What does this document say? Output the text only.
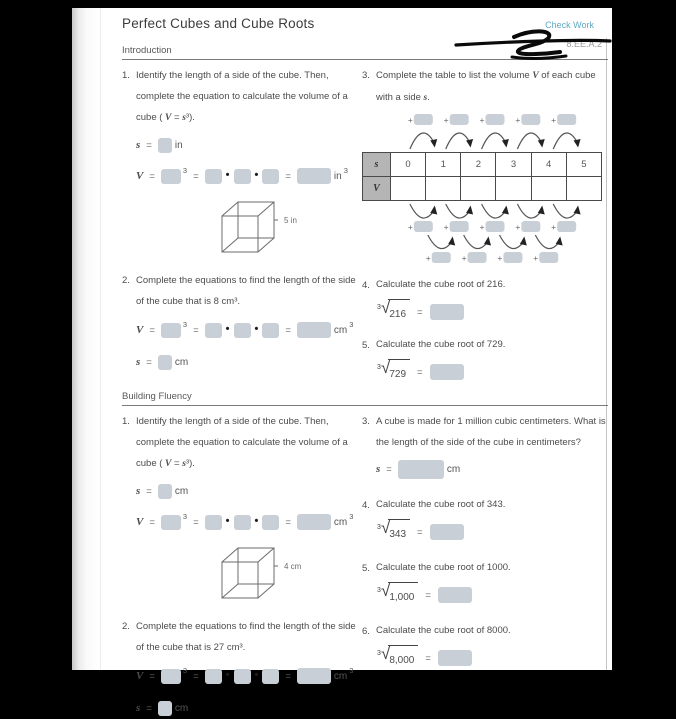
8.EE.A.2
Perfect Cubes and Cube Roots	Check Work
Introduction
1. Identify the length of a side of the cube. Then, complete the equation to calculate the volume of a cube ( V = s³).

s = in
V =
$^3$
= • •	=	in
$^3$
5 in
2. Complete the equations to find the length of the side of the cube that is 8 cm³.

V =
$^3$
= • •	=	cm
$^3$
s = cm
3. Complete the table to list the volume V of each cube with a side s.

+	+	+	+	+
s	0	1	2	3	4	5
V						
+	+	+	+	+
+	+	+	+
4. Calculate the cube root of 216.

3 √ 216	=
5. Calculate the cube root of 729.

3 √ 729	=
Building Fluency
1. Identify the length of a side of the cube. Then, complete the equation to calculate the volume of a cube ( V = s³).

s = cm
V =
$^3$
= • •	=	cm
$^3$
4 cm
2. Complete the equations to find the length of the side of the cube that is 27 cm³.

V =
$^3$
= • •	=	cm
$^3$
s = cm
3. A cube is made for 1 million cubic centimeters. What is the length of the side of the cube in centimeters?

s =	cm
4. Calculate the cube root of 343.

3 √ 343	=
5. Calculate the cube root of 1000.

3 √ 1,000	=
6. Calculate the cube root of 8000.

3 √ 8,000	=
